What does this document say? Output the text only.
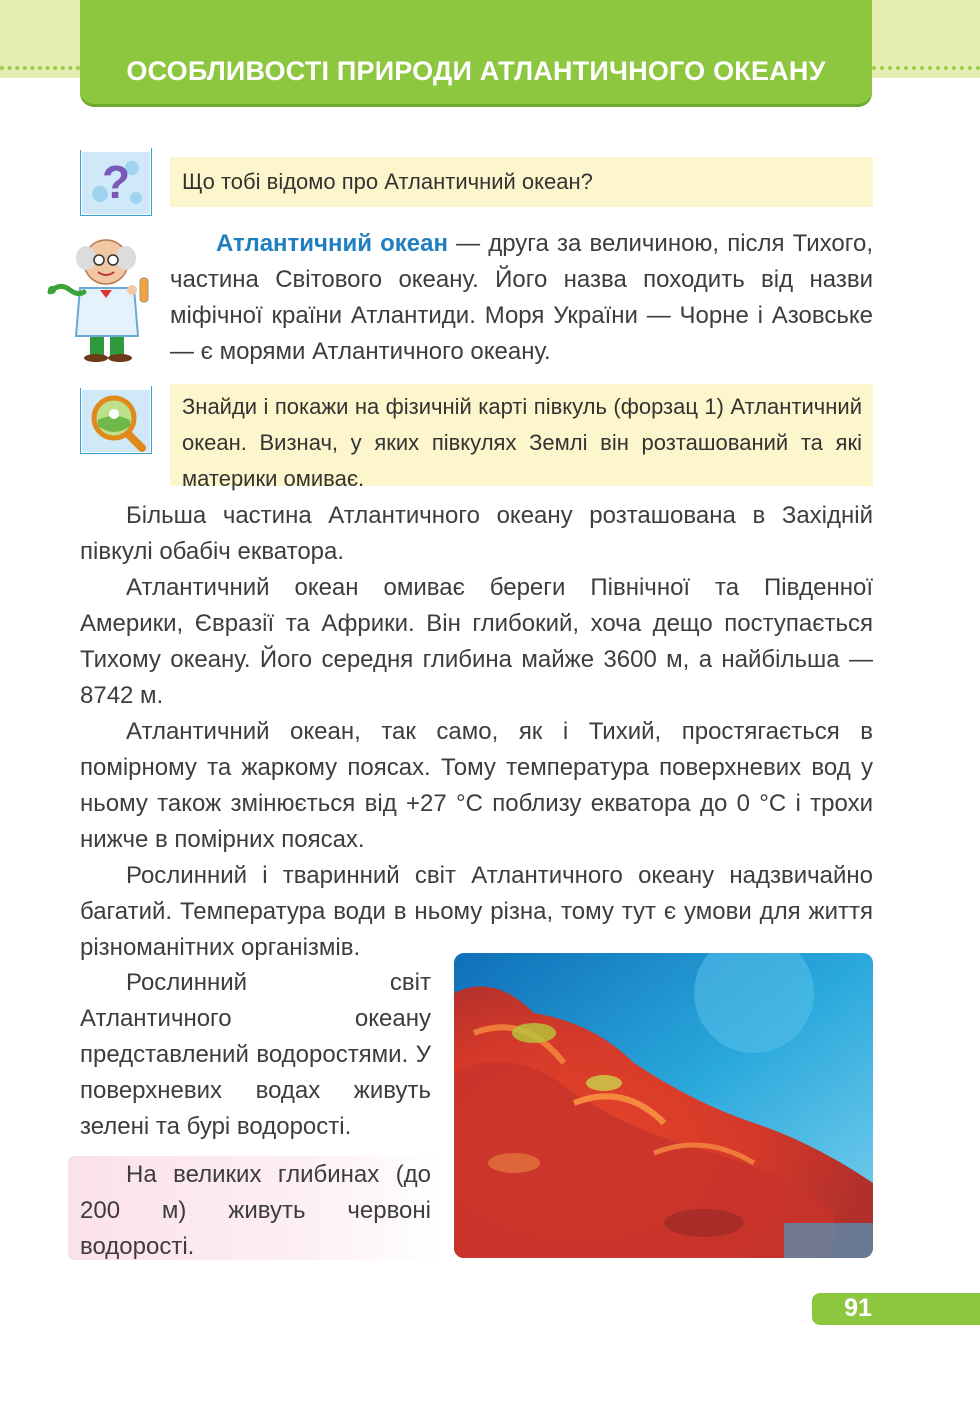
ОСОБЛИВОСТІ ПРИРОДИ АТЛАНТИЧНОГО ОКЕАНУ
? Що тобі відомо про Атлантичний океан?

Атлантичний океан — друга за величиною, після Тихого, частина Світового океану. Його назва походить від назви міфічної країни Атлантиди. Моря України — Чорне і Азовське — є морями Атлантичного океану.

Знайди і покажи на фізичній карті півкуль (форзац 1) Атлантичний океан. Визнач, у яких півкулях Землі він розташований та які материки омиває.

Більша частина Атлантичного океану розташована в Західній півкулі обабіч екватора.

Атлантичний океан омиває береги Північної та Південної Америки, Євразії та Африки. Він глибокий, хоча дещо поступається Тихому океану. Його середня глибина майже 3600 м, а найбільша — 8742 м.

Атлантичний океан, так само, як і Тихий, простягається в помірному та жаркому поясах. Тому температура поверхневих вод у ньому також змінюється від +27 °C поблизу екватора до 0 °C і трохи нижче в помірних поясах.

Рослинний і тваринний світ Атлантичного океану надзвичайно багатий. Температура води в ньому різна, тому тут є умови для життя різноманітних організмів.

Рослинний світ Атлантичного океану представлений водоростями. У поверхневих водах живуть зелені та бурі водорості.

На великих глибинах (до 200 м) живуть червоні водорості.

91
